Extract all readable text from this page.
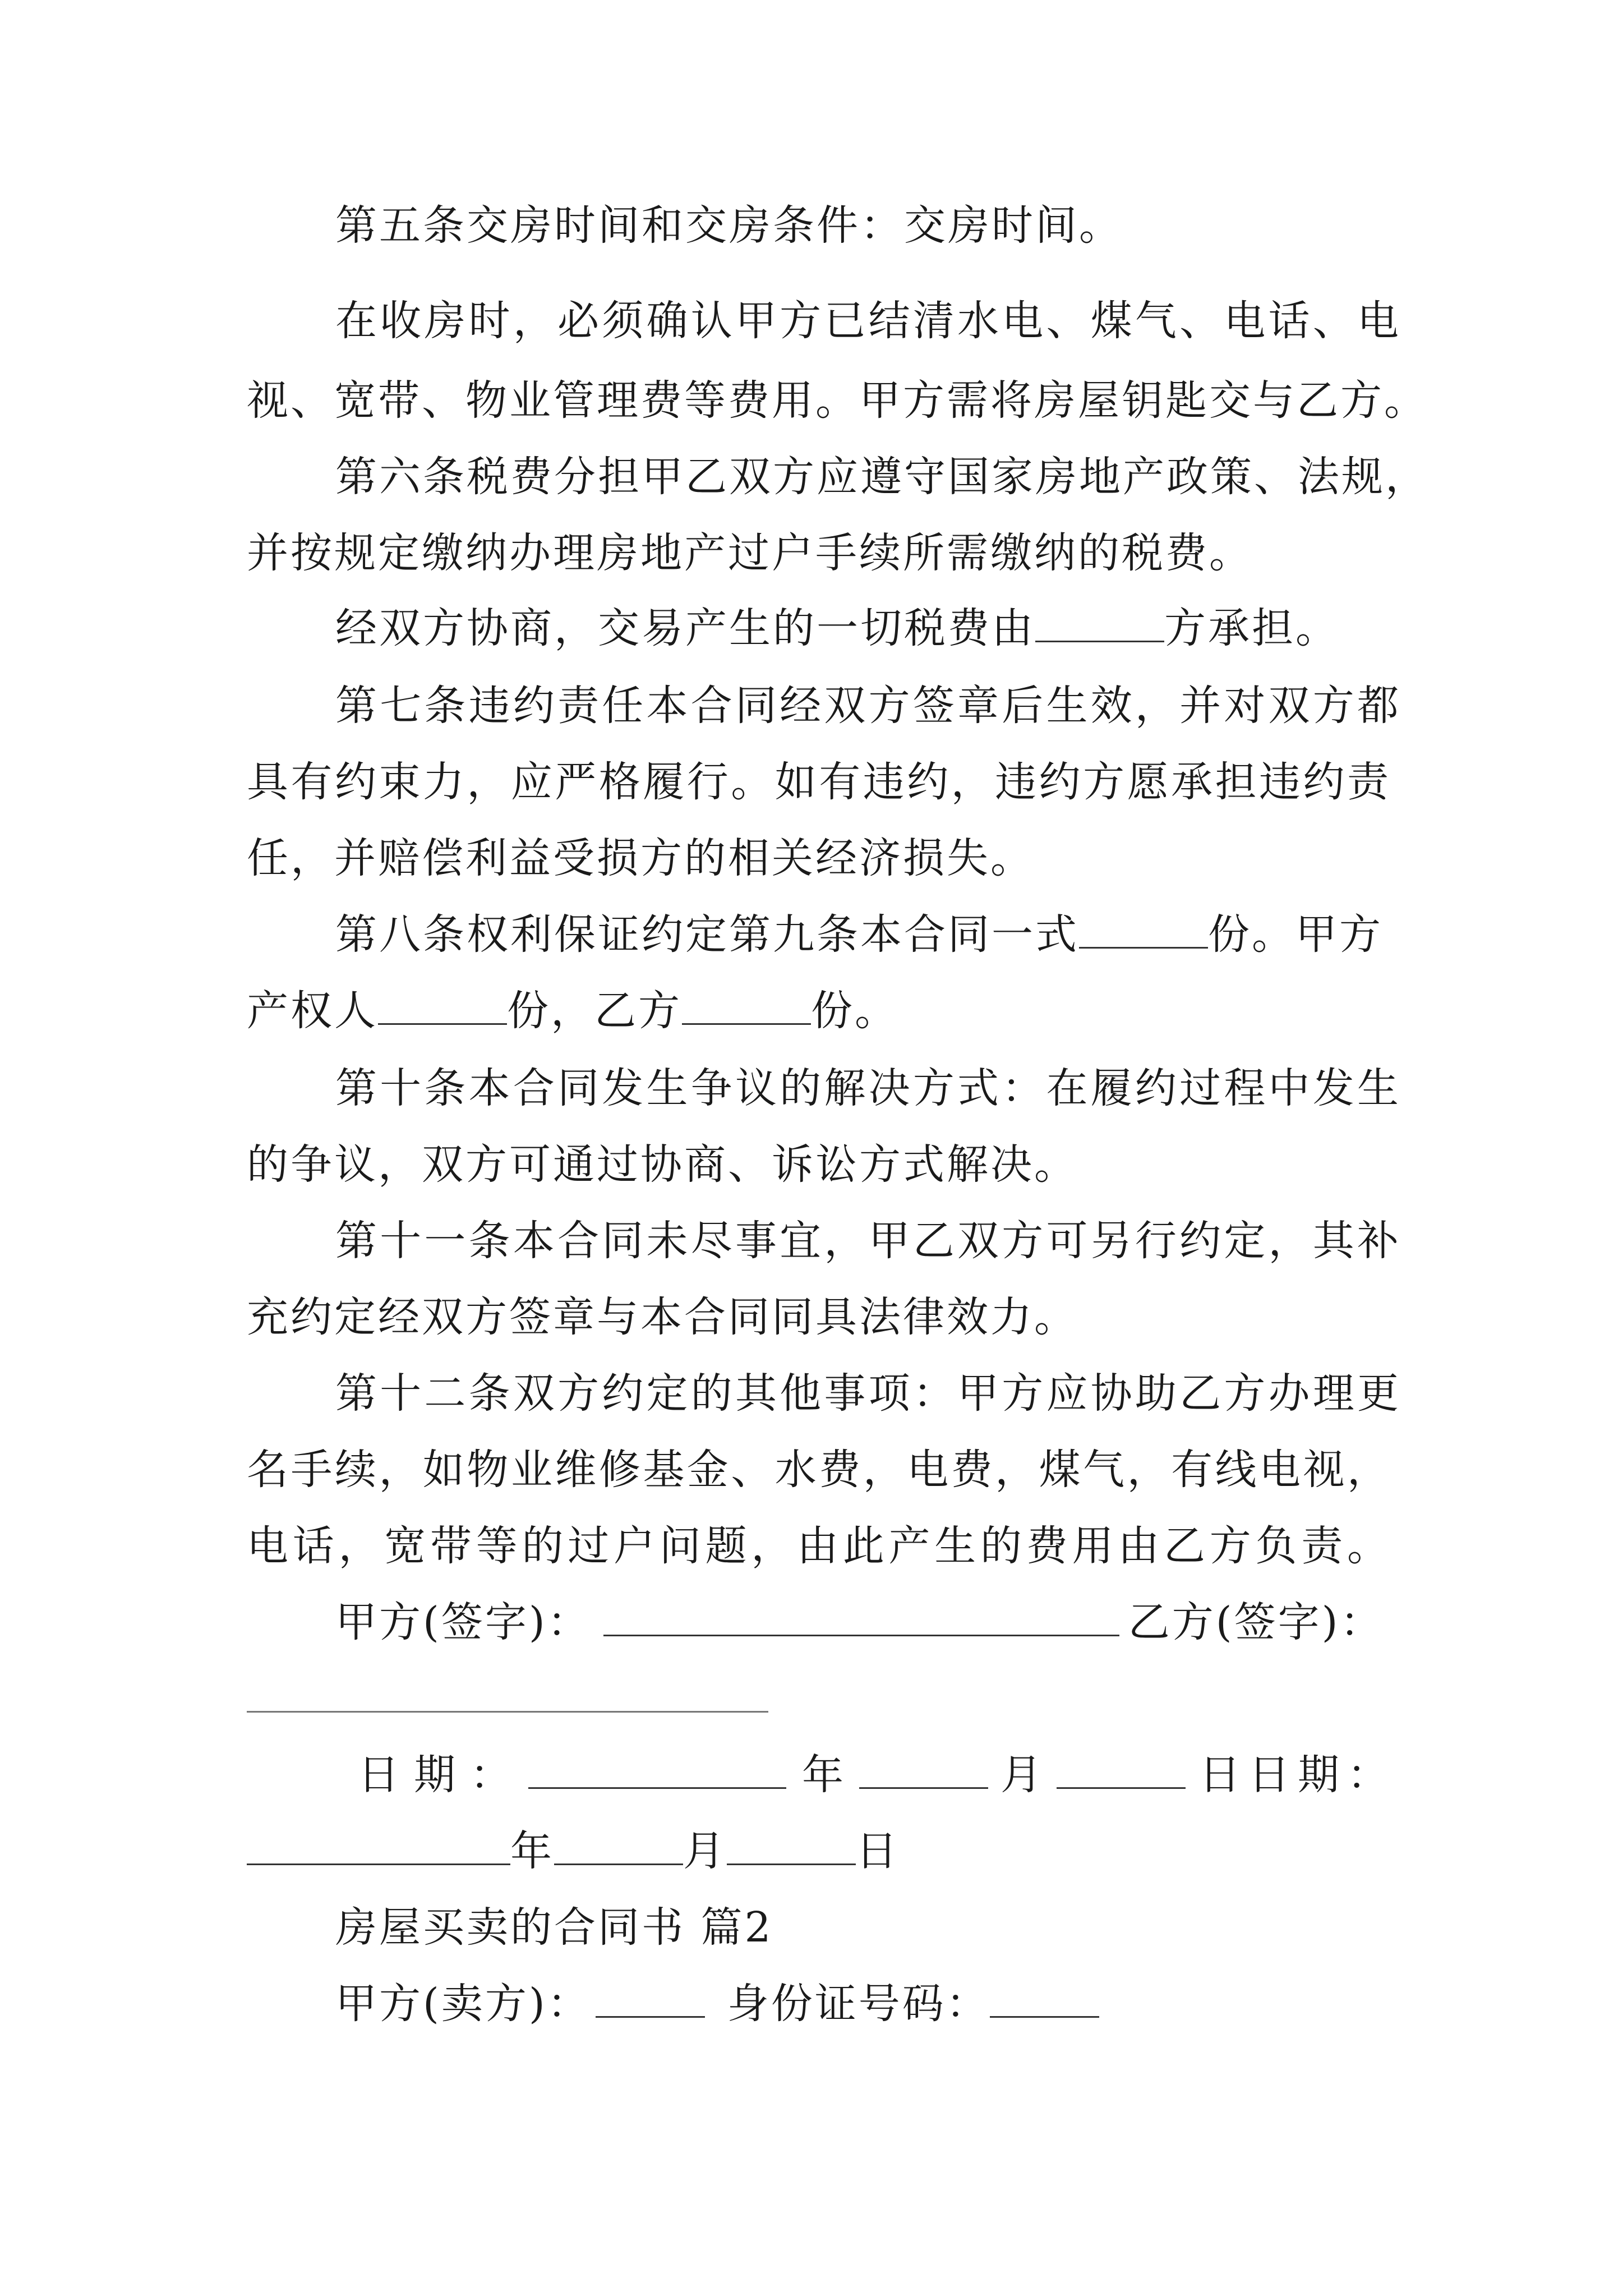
第五条交房时间和交房条件：交房时间。
在收房时，必须确认甲方已结清水电、煤气、电话、电
视、宽带、物业管理费等费用。甲方需将房屋钥匙交与乙方。
第六条税费分担甲乙双方应遵守国家房地产政策、法规，
并按规定缴纳办理房地产过户手续所需缴纳的税费。
经双方协商，交易产生的一切税费由	方承担。
第七条违约责任本合同经双方签章后生效，并对双方都
具有约束力，应严格履行。如有违约，违约方愿承担违约责
任，并赔偿利益受损方的相关经济损失。
第八条权利保证约定第九条本合同一式	份。甲方
产权人	份，乙方	份。
第十条本合同发生争议的解决方式：在履约过程中发生
的争议，双方可通过协商、诉讼方式解决。
第十一条本合同未尽事宜，甲乙双方可另行约定，其补
充约定经双方签章与本合同同具法律效力。
第十二条双方约定的其他事项：甲方应协助乙方办理更
名手续，如物业维修基金、水费，电费，煤气，有线电视，
电话，宽带等的过户问题，由此产生的费用由乙方负责。
甲方(签字)：	乙方(签字)：
日期：	年	月	日日期：
年	月	日
房屋买卖的合同书 篇2
甲方(卖方)：	身份证号码：
